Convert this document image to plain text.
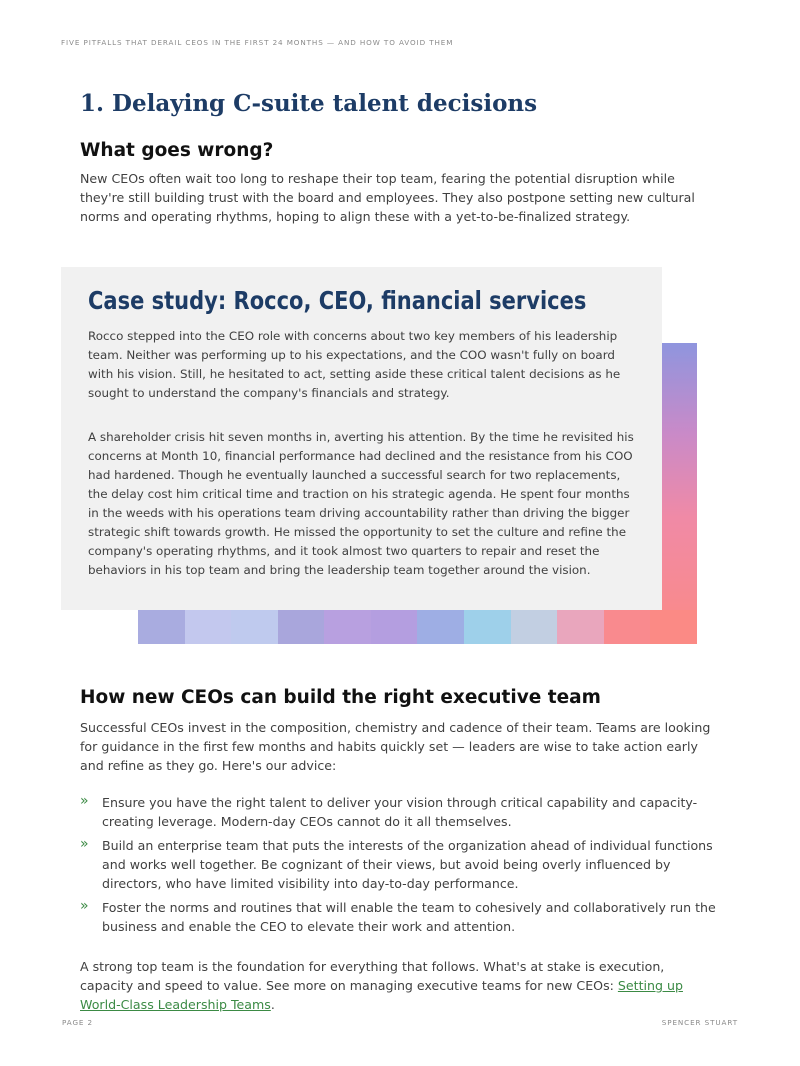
FIVE PITFALLS THAT DERAIL CEOS IN THE FIRST 24 MONTHS — AND HOW TO AVOID THEM
1. Delaying C-suite talent decisions
What goes wrong?

New CEOs often wait too long to reshape their top team, fearing the potential disruption while they're still building trust with the board and employees. They also postpone setting new cultural norms and operating rhythms, hoping to align these with a yet-to-be-finalized strategy.

Case study: Rocco, CEO, financial services

Rocco stepped into the CEO role with concerns about two key members of his leadership team. Neither was performing up to his expectations, and the COO wasn't fully on board with his vision. Still, he hesitated to act, setting aside these critical talent decisions as he sought to understand the company's financials and strategy.

A shareholder crisis hit seven months in, averting his attention. By the time he revisited his concerns at Month 10, financial performance had declined and the resistance from his COO had hardened. Though he eventually launched a successful search for two replacements, the delay cost him critical time and traction on his strategic agenda. He spent four months in the weeds with his operations team driving accountability rather than driving the bigger strategic shift towards growth. He missed the opportunity to set the culture and refine the company's operating rhythms, and it took almost two quarters to repair and reset the behaviors in his top team and bring the leadership team together around the vision.

How new CEOs can build the right executive team

Successful CEOs invest in the composition, chemistry and cadence of their team. Teams are looking for guidance in the first few months and habits quickly set — leaders are wise to take action early and refine as they go. Here's our advice:

» Ensure you have the right talent to deliver your vision through critical capability and capacity-creating leverage. Modern-day CEOs cannot do it all themselves.
» Build an enterprise team that puts the interests of the organization ahead of individual functions and works well together. Be cognizant of their views, but avoid being overly influenced by directors, who have limited visibility into day-to-day performance.
» Foster the norms and routines that will enable the team to cohesively and collaboratively run the business and enable the CEO to elevate their work and attention.

A strong top team is the foundation for everything that follows. What's at stake is execution, capacity and speed to value. See more on managing executive teams for new CEOs: Setting up World-Class Leadership Teams.

PAGE 2	SPENCER STUART
